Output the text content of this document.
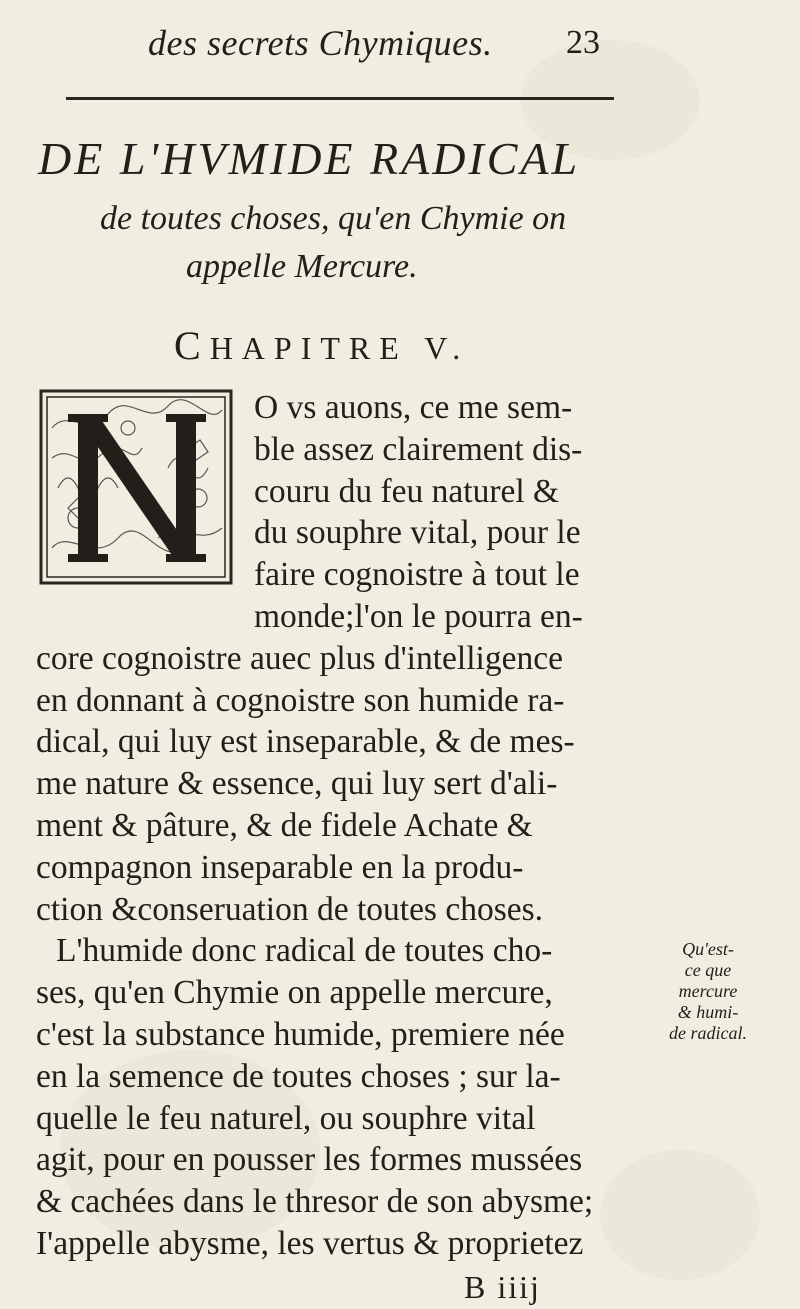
des secrets Chymiques. 23
DE L'HVMIDE RADICAL
de toutes choses, qu'en Chymie on
appelle Mercure.
CHAPITRE V.
O vs auons, ce me sem-
ble assez clairement dis-
couru du feu naturel &
du souphre vital, pour le
faire cognoistre à tout le
monde;l'on le pourra en-
core cognoistre auec plus d'intelligence
en donnant à cognoistre son humide ra-
dical, qui luy est inseparable, & de mes-
me nature & essence, qui luy sert d'ali-
ment & pâture, & de fidele Achate &
compagnon inseparable en la produ-
ction &conseruation de toutes choses.
L'humide donc radical de toutes cho-
ses, qu'en Chymie on appelle mercure,
c'est la substance humide, premiere née
en la semence de toutes choses ; sur la-
quelle le feu naturel, ou souphre vital
agit, pour en pousser les formes mussées
& cachées dans le thresor de son abysme;
I'appelle abysme, les vertus & proprietez
Qu'est-
ce que
mercure
& humi-
de radical.
B iiij
